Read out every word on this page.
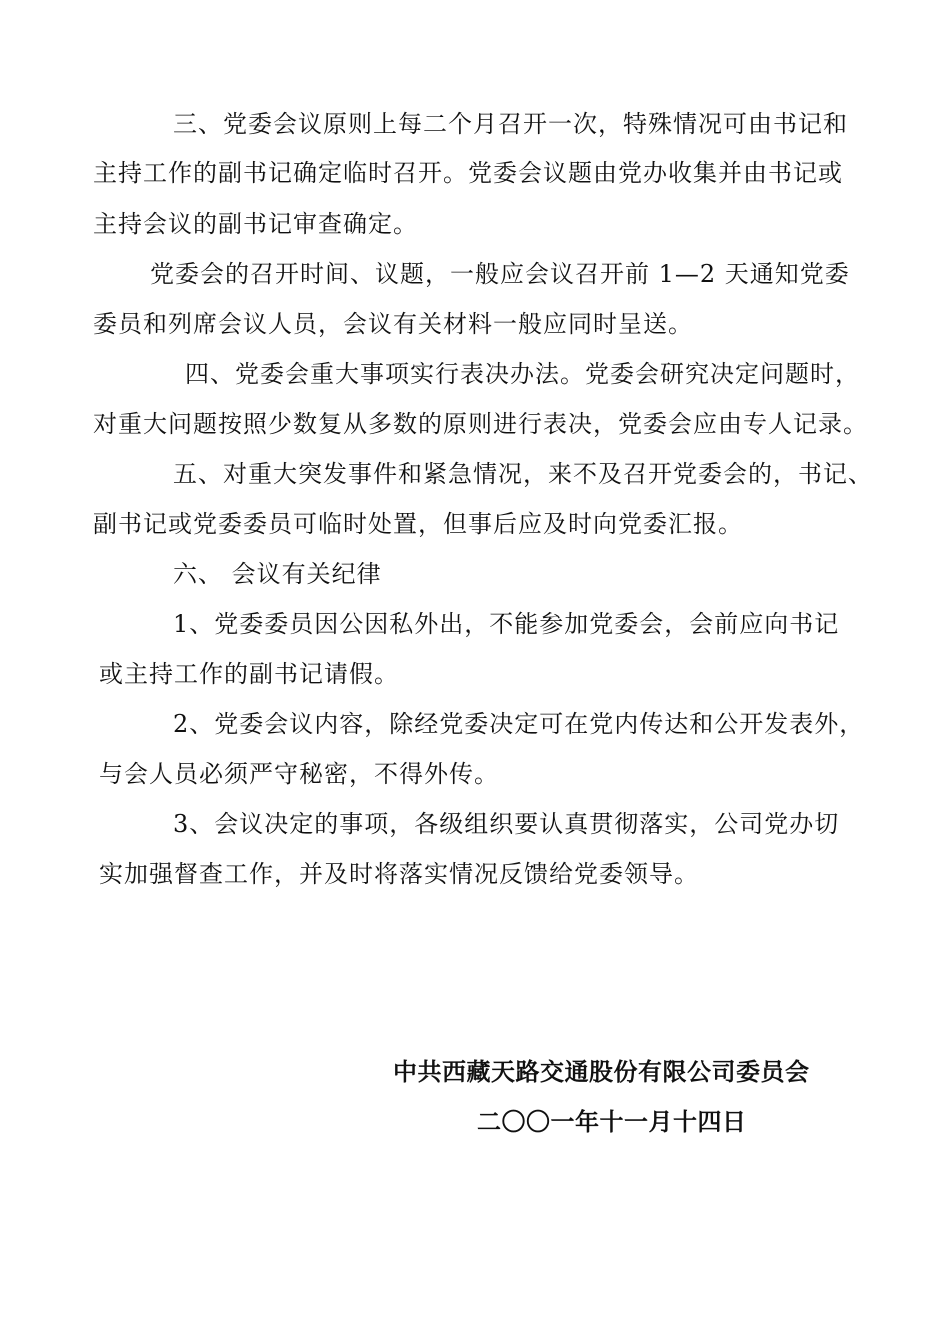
三、党委会议原则上每二个月召开一次，特殊情况可由书记和
主持工作的副书记确定临时召开。党委会议题由党办收集并由书记或
主持会议的副书记审查确定。
党委会的召开时间、议题，一般应会议召开前 1—2 天通知党委
委员和列席会议人员，会议有关材料一般应同时呈送。
四、党委会重大事项实行表决办法。党委会研究决定问题时，
对重大问题按照少数复从多数的原则进行表决，党委会应由专人记录。
五、对重大突发事件和紧急情况，来不及召开党委会的，书记、
副书记或党委委员可临时处置，但事后应及时向党委汇报。
六、 会议有关纪律
1、党委委员因公因私外出，不能参加党委会，会前应向书记
或主持工作的副书记请假。
2、党委会议内容，除经党委决定可在党内传达和公开发表外，
与会人员必须严守秘密，不得外传。
3、会议决定的事项，各级组织要认真贯彻落实，公司党办切
实加强督查工作，并及时将落实情况反馈给党委领导。
中共西藏天路交通股份有限公司委员会
二〇〇一年十一月十四日
